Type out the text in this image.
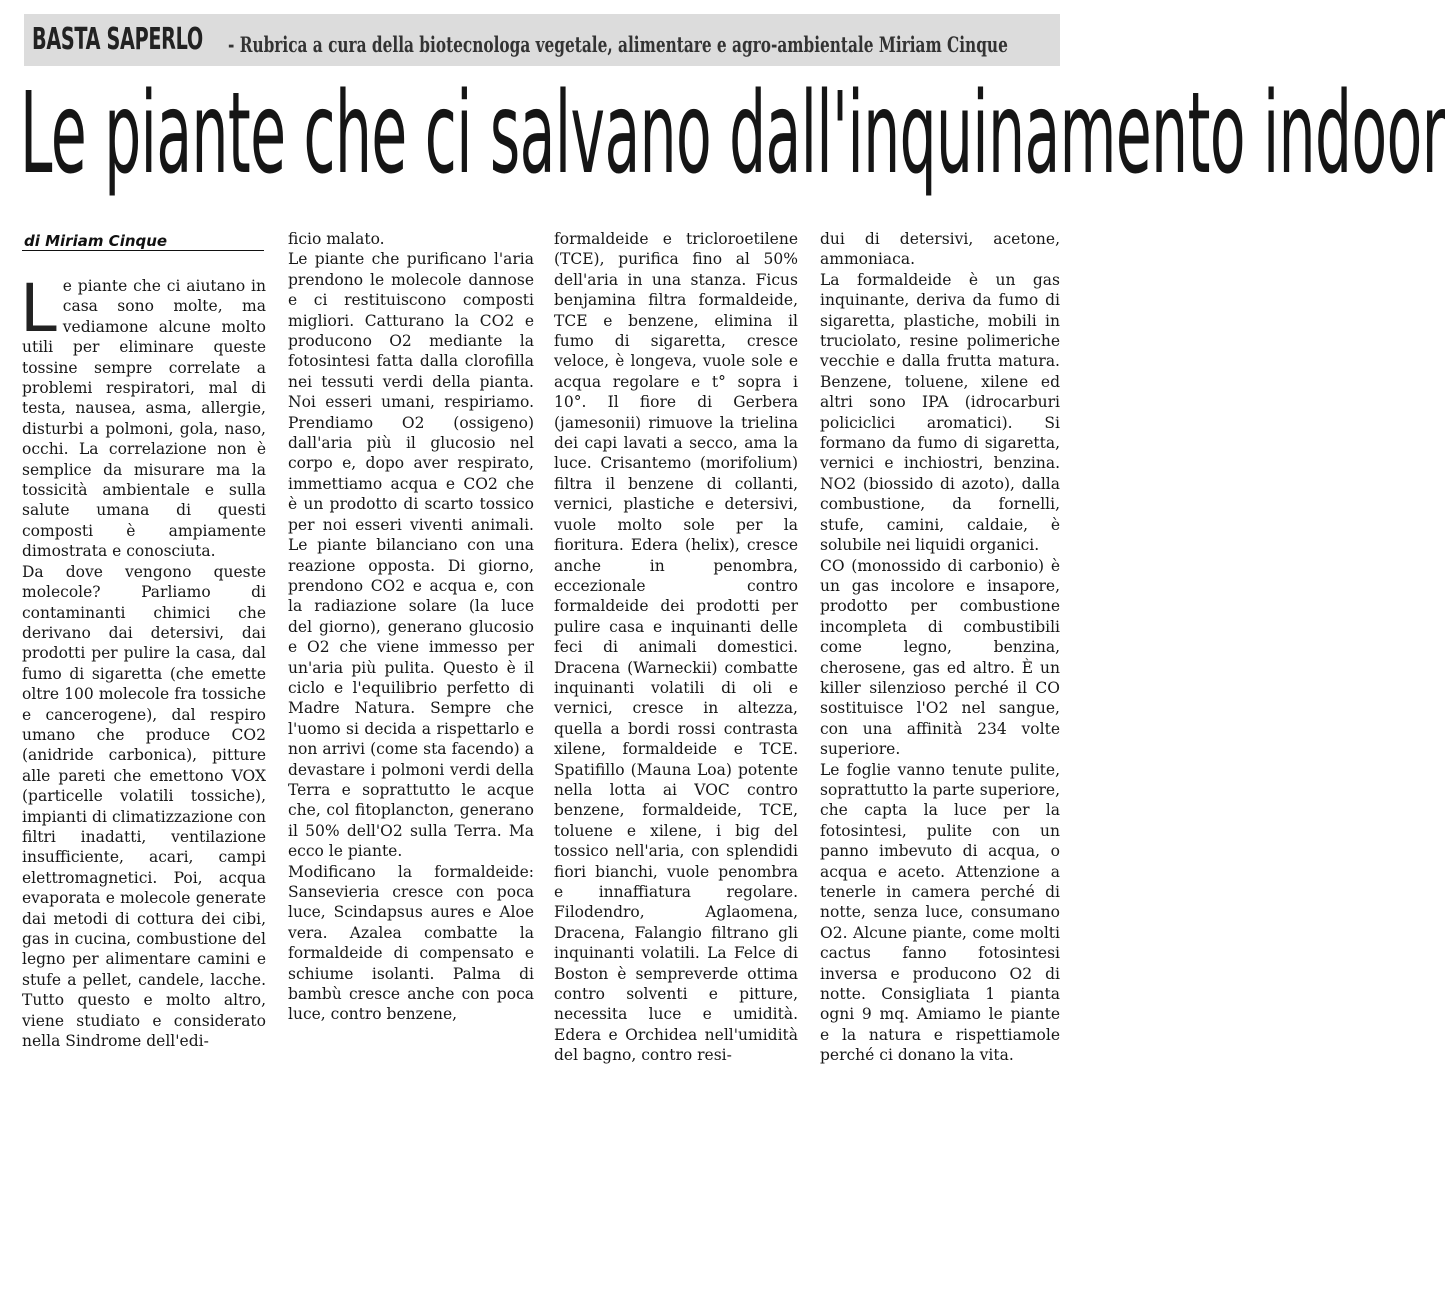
BASTA SAPERLO - Rubrica a cura della biotecnologa vegetale, alimentare e agro-ambientale Miriam Cinque
Le piante che ci salvano dall'inquinamento indoor
di Miriam Cinque

Le piante che ci aiutano in casa sono molte, ma vediamone alcune molto utili per eliminare queste tossine sempre correlate a problemi respiratori, mal di testa, nausea, asma, allergie, disturbi a polmoni, gola, naso, occhi. La correlazione non è semplice da misurare ma la tossicità ambientale e sulla salute umana di questi composti è ampiamente dimostrata e conosciuta.

Da dove vengono queste molecole? Parliamo di contaminanti chimici che derivano dai detersivi, dai prodotti per pulire la casa, dal fumo di sigaretta (che emette oltre 100 molecole fra tossiche e cancerogene), dal respiro umano che produce CO2 (anidride carbonica), pitture alle pareti che emettono VOX (particelle volatili tossiche), impianti di climatizzazione con filtri inadatti, ventilazione insufficiente, acari, campi elettromagnetici. Poi, acqua evaporata e molecole generate dai metodi di cottura dei cibi, gas in cucina, combustione del legno per alimentare camini e stufe a pellet, candele, lacche. Tutto questo e molto altro, viene studiato e considerato nella Sindrome dell'edi-

ficio malato.

Le piante che purificano l'aria prendono le molecole dannose e ci restituiscono composti migliori. Catturano la CO2 e producono O2 mediante la fotosintesi fatta dalla clorofilla nei tessuti verdi della pianta. Noi esseri umani, respiriamo. Prendiamo O2 (ossigeno) dall'aria più il glucosio nel corpo e, dopo aver respirato, immettiamo acqua e CO2 che è un prodotto di scarto tossico per noi esseri viventi animali. Le piante bilanciano con una reazione opposta. Di giorno, prendono CO2 e acqua e, con la radiazione solare (la luce del giorno), generano glucosio e O2 che viene immesso per un'aria più pulita. Questo è il ciclo e l'equilibrio perfetto di Madre Natura. Sempre che l'uomo si decida a rispettarlo e non arrivi (come sta facendo) a devastare i polmoni verdi della Terra e soprattutto le acque che, col fitoplancton, generano il 50% dell'O2 sulla Terra. Ma ecco le piante.

Modificano la formaldeide: Sansevieria cresce con poca luce, Scindapsus aures e Aloe vera. Azalea combatte la formaldeide di compensato e schiume isolanti. Palma di bambù cresce anche con poca luce, contro benzene,

formaldeide e tricloroetilene (TCE), purifica fino al 50% dell'aria in una stanza. Ficus benjamina filtra formaldeide, TCE e benzene, elimina il fumo di sigaretta, cresce veloce, è longeva, vuole sole e acqua regolare e t° sopra i 10°. Il fiore di Gerbera (jamesonii) rimuove la trielina dei capi lavati a secco, ama la luce. Crisantemo (morifolium) filtra il benzene di collanti, vernici, plastiche e detersivi, vuole molto sole per la fioritura. Edera (helix), cresce anche in penombra, eccezionale contro formaldeide dei prodotti per pulire casa e inquinanti delle feci di animali domestici. Dracena (Warneckii) combatte inquinanti volatili di oli e vernici, cresce in altezza, quella a bordi rossi contrasta xilene, formaldeide e TCE. Spatifillo (Mauna Loa) potente nella lotta ai VOC contro benzene, formaldeide, TCE, toluene e xilene, i big del tossico nell'aria, con splendidi fiori bianchi, vuole penombra e innaffiatura regolare. Filodendro, Aglaomena, Dracena, Falangio filtrano gli inquinanti volatili. La Felce di Boston è sempreverde ottima contro solventi e pitture, necessita luce e umidità. Edera e Orchidea nell'umidità del bagno, contro resi-

dui di detersivi, acetone, ammoniaca.

La formaldeide è un gas inquinante, deriva da fumo di sigaretta, plastiche, mobili in truciolato, resine polimeriche vecchie e dalla frutta matura. Benzene, toluene, xilene ed altri sono IPA (idrocarburi policiclici aromatici). Si formano da fumo di sigaretta, vernici e inchiostri, benzina. NO2 (biossido di azoto), dalla combustione, da fornelli, stufe, camini, caldaie, è solubile nei liquidi organici.

CO (monossido di carbonio) è un gas incolore e insapore, prodotto per combustione incompleta di combustibili come legno, benzina, cherosene, gas ed altro. È un killer silenzioso perché il CO sostituisce l'O2 nel sangue, con una affinità 234 volte superiore.

Le foglie vanno tenute pulite, soprattutto la parte superiore, che capta la luce per la fotosintesi, pulite con un panno imbevuto di acqua, o acqua e aceto. Attenzione a tenerle in camera perché di notte, senza luce, consumano O2. Alcune piante, come molti cactus fanno fotosintesi inversa e producono O2 di notte. Consigliata 1 pianta ogni 9 mq. Amiamo le piante e la natura e rispettiamole perché ci donano la vita.
